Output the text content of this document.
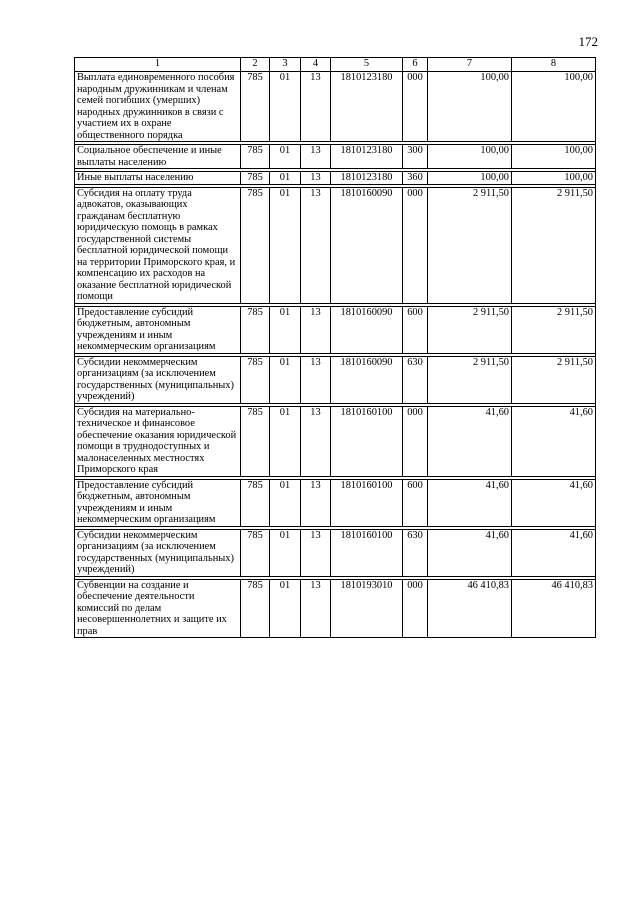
172
1	2	3	4	5	6	7	8
Выплата единовременного пособия народным дружинникам и членам семей погибших (умерших) народных дружинников в связи с участием их в охране общественного порядка	785	01	13	1810123180	000	100,00	100,00

Социальное обеспечение и иные выплаты населению	785	01	13	1810123180	300	100,00	100,00

Иные выплаты населению	785	01	13	1810123180	360	100,00	100,00

Субсидия на оплату труда адвокатов, оказывающих гражданам бесплатную юридическую помощь в рамках государственной системы бесплатной юридической помощи на территории Приморского края, и компенсацию их расходов на оказание бесплатной юридической помощи	785	01	13	1810160090	000	2 911,50	2 911,50

Предоставление субсидий бюджетным, автономным учреждениям и иным некоммерческим организациям	785	01	13	1810160090	600	2 911,50	2 911,50

Субсидии некоммерческим организациям (за исключением государственных (муниципальных) учреждений)	785	01	13	1810160090	630	2 911,50	2 911,50

Субсидия на материально-техническое и финансовое обеспечение оказания юридической помощи в труднодоступных и малонаселенных местностях Приморского края	785	01	13	1810160100	000	41,60	41,60

Предоставление субсидий бюджетным, автономным учреждениям и иным некоммерческим организациям	785	01	13	1810160100	600	41,60	41,60

Субсидии некоммерческим организациям (за исключением государственных (муниципальных) учреждений)	785	01	13	1810160100	630	41,60	41,60

Субвенции на создание и обеспечение деятельности комиссий по делам несовершеннолетних и защите их прав	785	01	13	1810193010	000	46 410,83	46 410,83
